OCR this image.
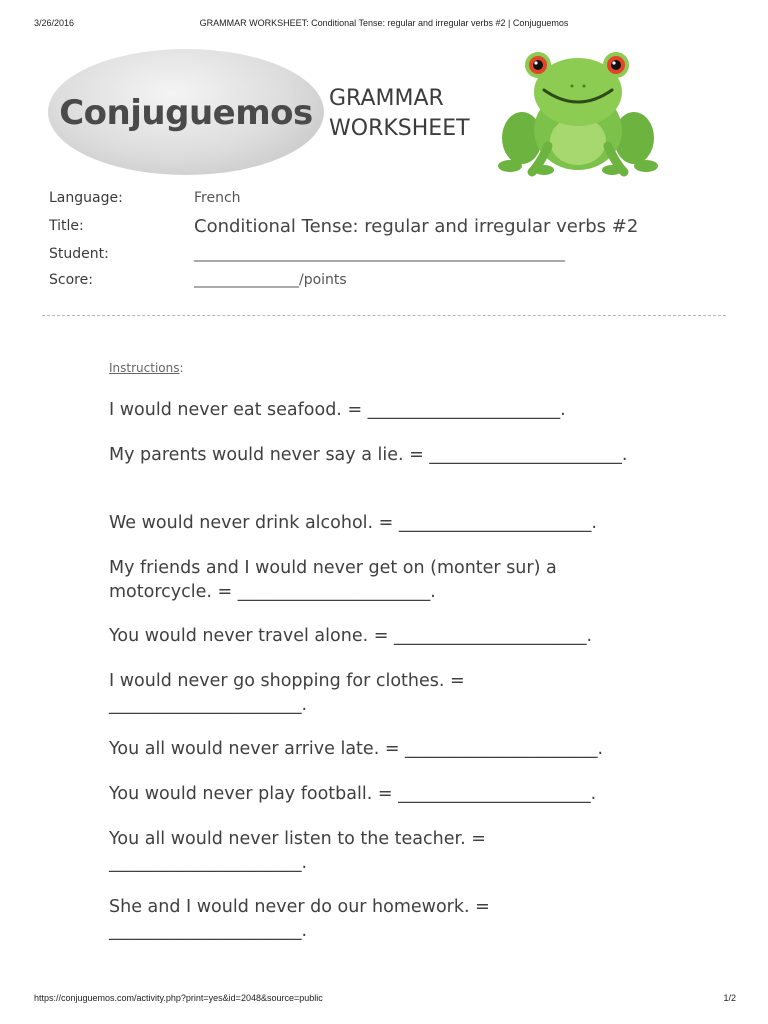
3/26/2016	GRAMMAR WORKSHEET: Conditional Tense: regular and irregular verbs #2 | Conjuguemos
Conjuguemos GRAMMAR
WORKSHEET
Language:	French
Title:	Conditional Tense: regular and irregular verbs #2
Student:	_____________________________________________________
Score:	_______________/points
Instructions:
I would never eat seafood. = ______________________.
My parents would never say a lie. = ______________________.
We would never drink alcohol. = ______________________.
My friends and I would never get on (monter sur) a motorcycle. = ______________________.
You would never travel alone. = ______________________.
I would never go shopping for clothes. = ______________________.
You all would never arrive late. = ______________________.
You would never play football. = ______________________.
You all would never listen to the teacher. = ______________________.
She and I would never do our homework. = ______________________.
https://conjuguemos.com/activity.php?print=yes&id=2048&source=public	1/2
